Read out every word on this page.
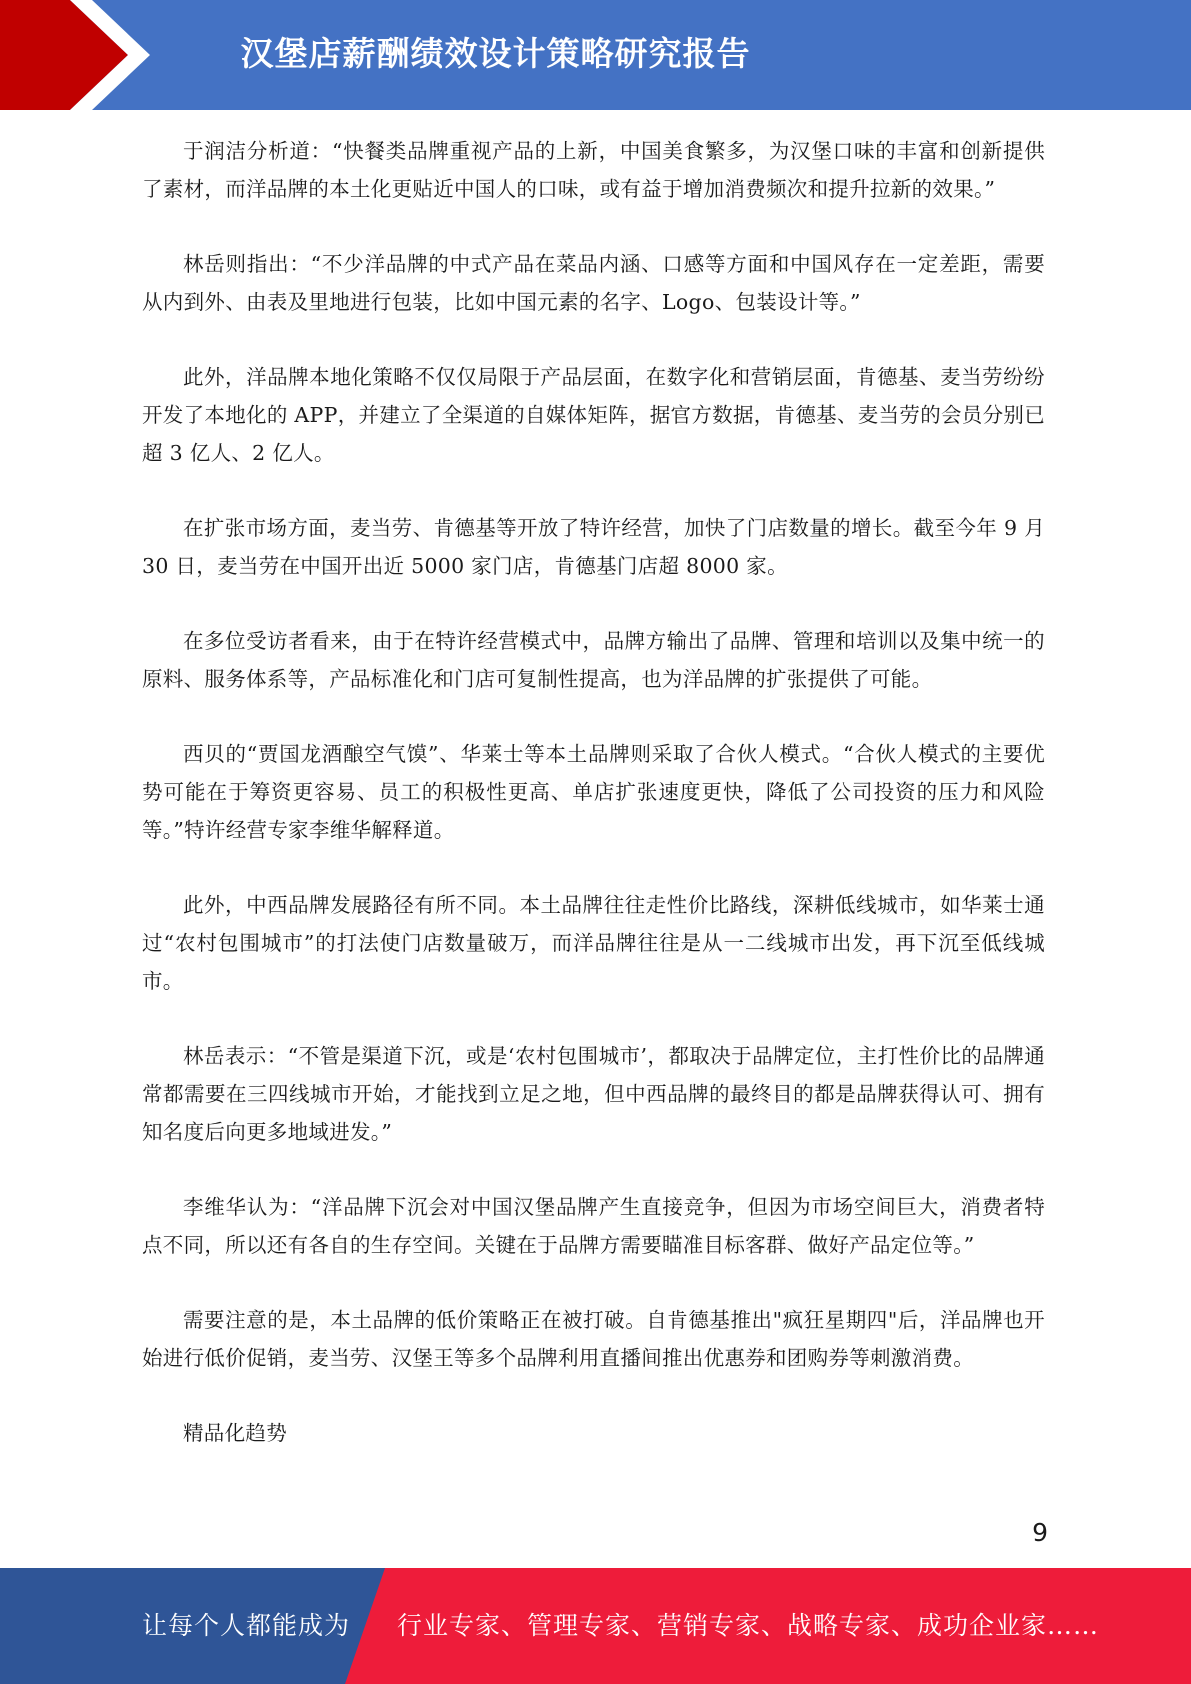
汉堡店薪酬绩效设计策略研究报告

于润洁分析道：“快餐类品牌重视产品的上新，中国美食繁多，为汉堡口味的丰富和创新提供了素材，而洋品牌的本土化更贴近中国人的口味，或有益于增加消费频次和提升拉新的效果。”

林岳则指出：“不少洋品牌的中式产品在菜品内涵、口感等方面和中国风存在一定差距，需要从内到外、由表及里地进行包装，比如中国元素的名字、Logo、包装设计等。”

此外，洋品牌本地化策略不仅仅局限于产品层面，在数字化和营销层面，肯德基、麦当劳纷纷开发了本地化的 APP，并建立了全渠道的自媒体矩阵，据官方数据，肯德基、麦当劳的会员分别已超 3 亿人、2 亿人。

在扩张市场方面，麦当劳、肯德基等开放了特许经营，加快了门店数量的增长。截至今年 9 月 30 日，麦当劳在中国开出近 5000 家门店，肯德基门店超 8000 家。

在多位受访者看来，由于在特许经营模式中，品牌方输出了品牌、管理和培训以及集中统一的原料、服务体系等，产品标准化和门店可复制性提高，也为洋品牌的扩张提供了可能。

西贝的“贾国龙酒酿空气馍”、华莱士等本土品牌则采取了合伙人模式。“合伙人模式的主要优势可能在于筹资更容易、员工的积极性更高、单店扩张速度更快，降低了公司投资的压力和风险等。”特许经营专家李维华解释道。

此外，中西品牌发展路径有所不同。本土品牌往往走性价比路线，深耕低线城市，如华莱士通过“农村包围城市”的打法使门店数量破万，而洋品牌往往是从一二线城市出发，再下沉至低线城市。

林岳表示：“不管是渠道下沉，或是‘农村包围城市’，都取决于品牌定位，主打性价比的品牌通常都需要在三四线城市开始，才能找到立足之地，但中西品牌的最终目的都是品牌获得认可、拥有知名度后向更多地域进发。”

李维华认为：“洋品牌下沉会对中国汉堡品牌产生直接竞争，但因为市场空间巨大，消费者特点不同，所以还有各自的生存空间。关键在于品牌方需要瞄准目标客群、做好产品定位等。”

需要注意的是，本土品牌的低价策略正在被打破。自肯德基推出"疯狂星期四"后，洋品牌也开始进行低价促销，麦当劳、汉堡王等多个品牌利用直播间推出优惠券和团购券等刺激消费。

精品化趋势

9
让每个人都能成为 行业专家、管理专家、营销专家、战略专家、成功企业家……
